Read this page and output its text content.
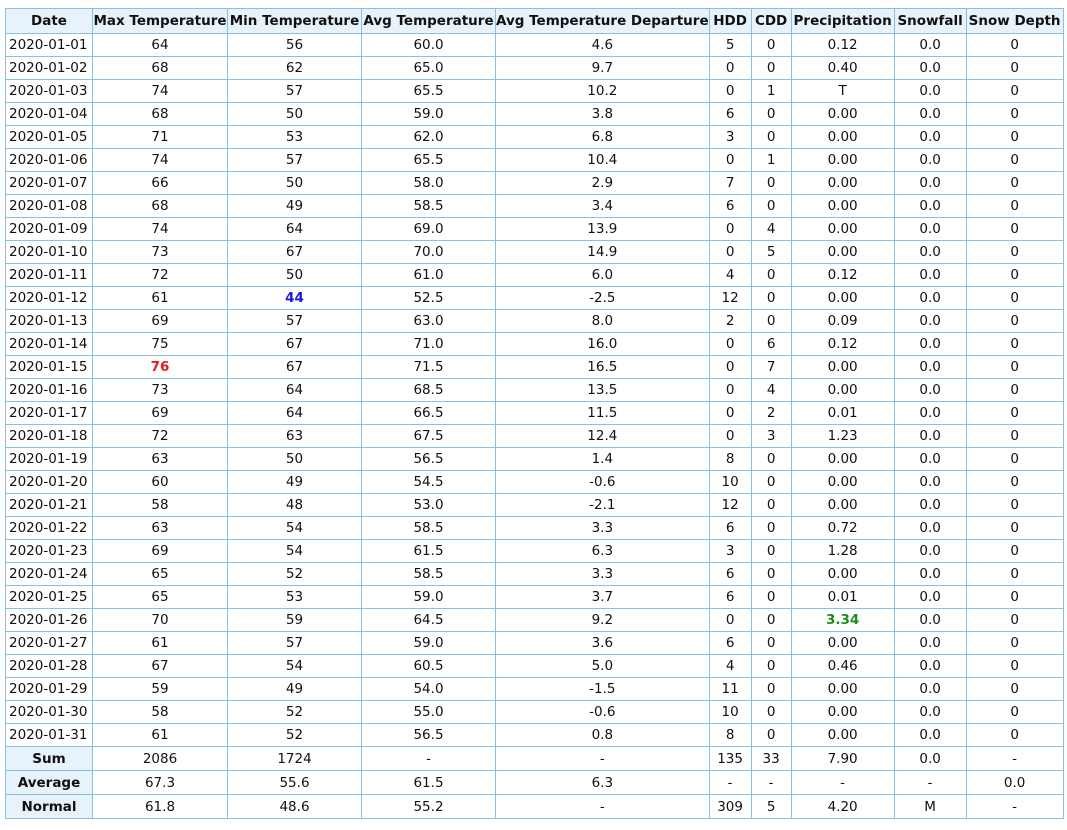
Date	Max Temperature	Min Temperature	Avg Temperature	Avg Temperature Departure	HDD	CDD	Precipitation	Snowfall	Snow Depth
2020-01-01	64	56	60.0	4.6	5	0	0.12	0.0	0
2020-01-02	68	62	65.0	9.7	0	0	0.40	0.0	0
2020-01-03	74	57	65.5	10.2	0	1	T	0.0	0
2020-01-04	68	50	59.0	3.8	6	0	0.00	0.0	0
2020-01-05	71	53	62.0	6.8	3	0	0.00	0.0	0
2020-01-06	74	57	65.5	10.4	0	1	0.00	0.0	0
2020-01-07	66	50	58.0	2.9	7	0	0.00	0.0	0
2020-01-08	68	49	58.5	3.4	6	0	0.00	0.0	0
2020-01-09	74	64	69.0	13.9	0	4	0.00	0.0	0
2020-01-10	73	67	70.0	14.9	0	5	0.00	0.0	0
2020-01-11	72	50	61.0	6.0	4	0	0.12	0.0	0
2020-01-12	61	44	52.5	-2.5	12	0	0.00	0.0	0
2020-01-13	69	57	63.0	8.0	2	0	0.09	0.0	0
2020-01-14	75	67	71.0	16.0	0	6	0.12	0.0	0
2020-01-15	76	67	71.5	16.5	0	7	0.00	0.0	0
2020-01-16	73	64	68.5	13.5	0	4	0.00	0.0	0
2020-01-17	69	64	66.5	11.5	0	2	0.01	0.0	0
2020-01-18	72	63	67.5	12.4	0	3	1.23	0.0	0
2020-01-19	63	50	56.5	1.4	8	0	0.00	0.0	0
2020-01-20	60	49	54.5	-0.6	10	0	0.00	0.0	0
2020-01-21	58	48	53.0	-2.1	12	0	0.00	0.0	0
2020-01-22	63	54	58.5	3.3	6	0	0.72	0.0	0
2020-01-23	69	54	61.5	6.3	3	0	1.28	0.0	0
2020-01-24	65	52	58.5	3.3	6	0	0.00	0.0	0
2020-01-25	65	53	59.0	3.7	6	0	0.01	0.0	0
2020-01-26	70	59	64.5	9.2	0	0	3.34	0.0	0
2020-01-27	61	57	59.0	3.6	6	0	0.00	0.0	0
2020-01-28	67	54	60.5	5.0	4	0	0.46	0.0	0
2020-01-29	59	49	54.0	-1.5	11	0	0.00	0.0	0
2020-01-30	58	52	55.0	-0.6	10	0	0.00	0.0	0
2020-01-31	61	52	56.5	0.8	8	0	0.00	0.0	0
Sum	2086	1724	-	-	135	33	7.90	0.0	-
Average	67.3	55.6	61.5	6.3	-	-	-	-	0.0
Normal	61.8	48.6	55.2	-	309	5	4.20	M	-
